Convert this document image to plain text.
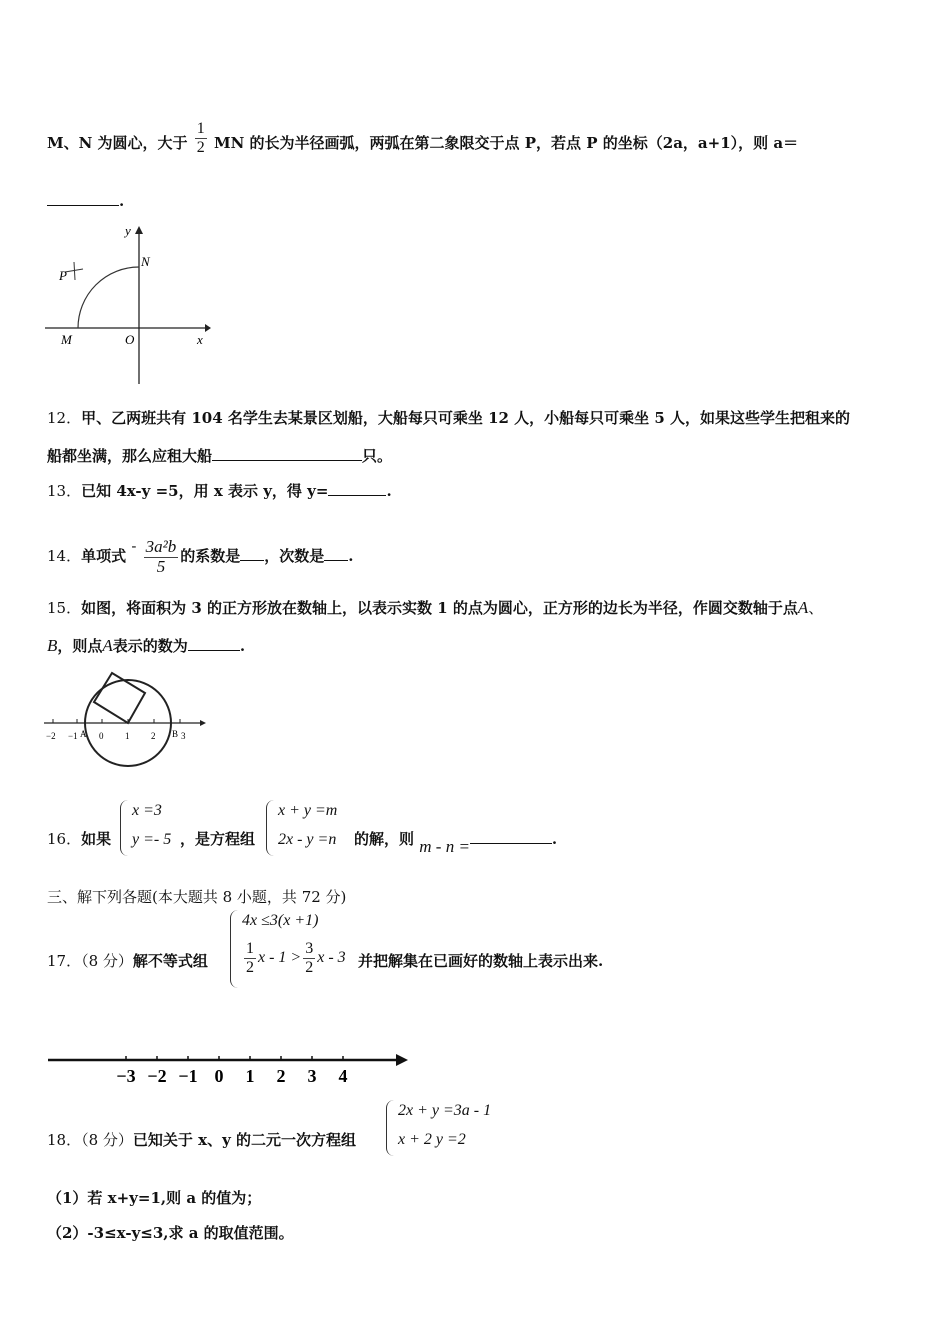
M、N 为圆心，大于 $\frac{1}{2}$ MN 的长为半径画弧，两弧在第二象限交于点 P，若点 P 的坐标（2a，a+1），则 a＝
.
y
x
N
P
M	O
12．甲、乙两班共有 104 名学生去某景区划船，大船每只可乘坐 12 人，小船每只可乘坐 5 人，如果这些学生把租来的
船都坐满，那么应租大船	只。
13．已知 4x-y =5，用 x 表示 y，得 y=	.
14．单项式 - $\frac{\text{3a²b}}{5}$ 的系数是 ，次数是 .
15．如图，将面积为 3 的正方形放在数轴上，以表示实数 1 的点为圆心，正方形的边长为半径，作圆交数轴于点A、
B，则点A表示的数为	.
−2 −1 A 0 1 2 B 3
16．如果
x =3
y =- 5 ，是方程组
x + y =m
2x - y =n 的解，则 m - n =	.
三、解下列各题(本大题共 8 小题，共 72 分)
17．（8 分）解不等式组
4x ≤3(x +1)
$\frac{1}{2}$ $x - 1 > \frac{3}{2}$ x - 3 并把解集在已画好的数轴上表示出来.
−3 −2 −1 0 1 2 3 4
18．（8 分）已知关于 x、y 的二元一次方程组
2x + y =3a - 1
x + 2 y =2
（1）若 x+y=1,则 a 的值为；
（2）-3≤x-y≤3,求 a 的取值范围。
